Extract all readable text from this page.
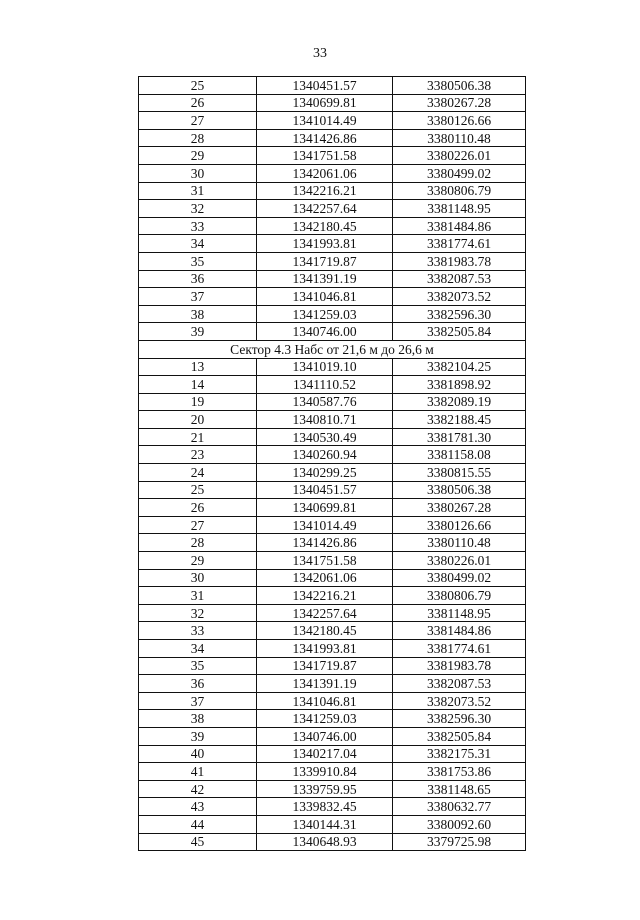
33
25	1340451.57	3380506.38
26	1340699.81	3380267.28
27	1341014.49	3380126.66
28	1341426.86	3380110.48
29	1341751.58	3380226.01
30	1342061.06	3380499.02
31	1342216.21	3380806.79
32	1342257.64	3381148.95
33	1342180.45	3381484.86
34	1341993.81	3381774.61
35	1341719.87	3381983.78
36	1341391.19	3382087.53
37	1341046.81	3382073.52
38	1341259.03	3382596.30
39	1340746.00	3382505.84
Сектор 4.3 Набс от 21,6 м до 26,6 м		
13	1341019.10	3382104.25
14	1341110.52	3381898.92
19	1340587.76	3382089.19
20	1340810.71	3382188.45
21	1340530.49	3381781.30
23	1340260.94	3381158.08
24	1340299.25	3380815.55
25	1340451.57	3380506.38
26	1340699.81	3380267.28
27	1341014.49	3380126.66
28	1341426.86	3380110.48
29	1341751.58	3380226.01
30	1342061.06	3380499.02
31	1342216.21	3380806.79
32	1342257.64	3381148.95
33	1342180.45	3381484.86
34	1341993.81	3381774.61
35	1341719.87	3381983.78
36	1341391.19	3382087.53
37	1341046.81	3382073.52
38	1341259.03	3382596.30
39	1340746.00	3382505.84
40	1340217.04	3382175.31
41	1339910.84	3381753.86
42	1339759.95	3381148.65
43	1339832.45	3380632.77
44	1340144.31	3380092.60
45	1340648.93	3379725.98
